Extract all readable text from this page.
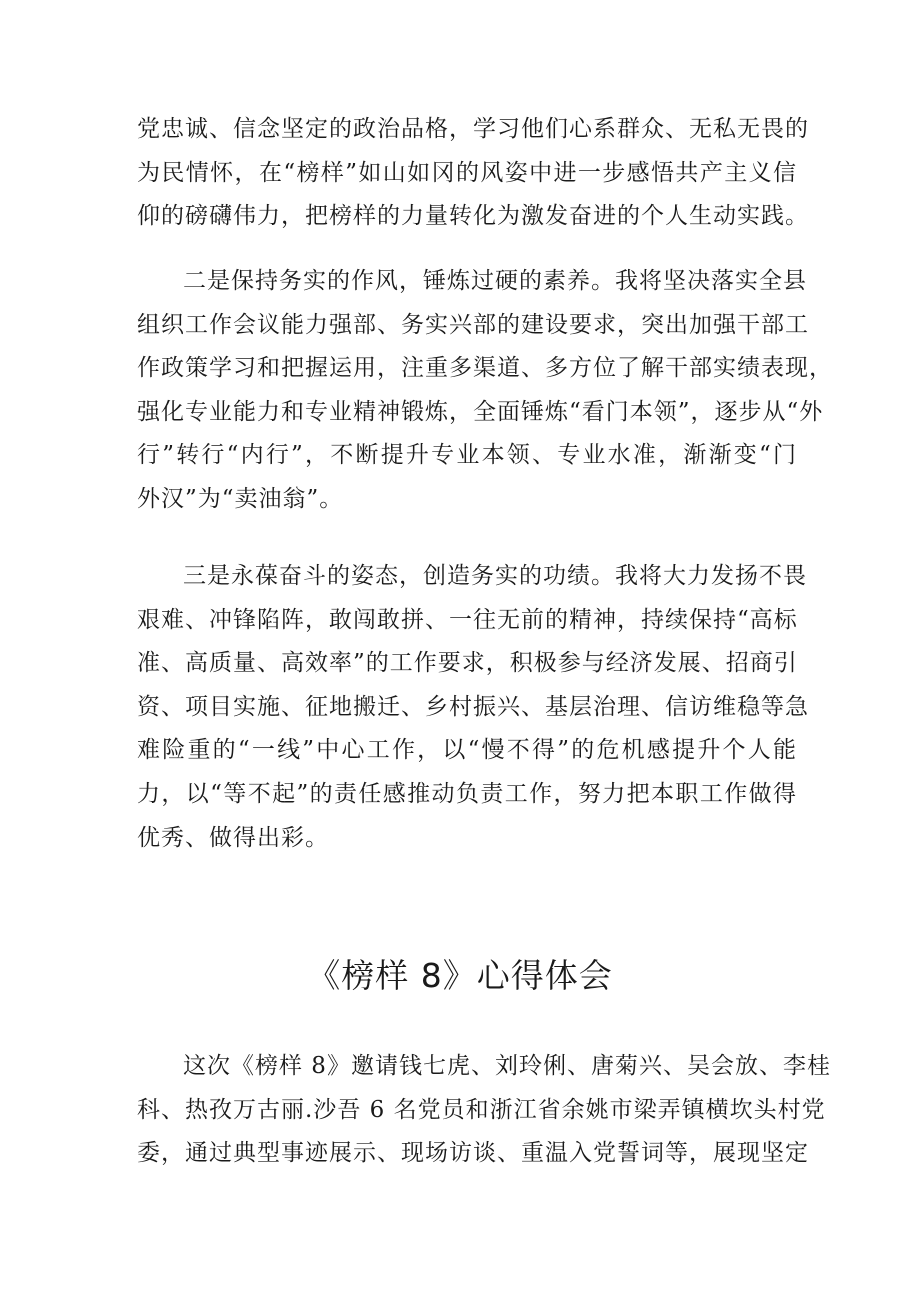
党忠诚、信念坚定的政治品格，学习他们心系群众、无私无畏的
为民情怀，在“榜样”如山如冈的风姿中进一步感悟共产主义信
仰的磅礴伟力，把榜样的力量转化为激发奋进的个人生动实践。
二是保持务实的作风，锤炼过硬的素养。我将坚决落实全县
组织工作会议能力强部、务实兴部的建设要求，突出加强干部工
作政策学习和把握运用，注重多渠道、多方位了解干部实绩表现，
强化专业能力和专业精神锻炼，全面锤炼“看门本领”，逐步从“外
行”转行“内行”，不断提升专业本领、专业水准，渐渐变“门
外汉”为“卖油翁”。
三是永葆奋斗的姿态，创造务实的功绩。我将大力发扬不畏
艰难、冲锋陷阵，敢闯敢拼、一往无前的精神，持续保持“高标
准、高质量、高效率”的工作要求，积极参与经济发展、招商引
资、项目实施、征地搬迁、乡村振兴、基层治理、信访维稳等急
难险重的“一线”中心工作，以“慢不得”的危机感提升个人能
力，以“等不起”的责任感推动负责工作，努力把本职工作做得
优秀、做得出彩。
《榜样 8》心得体会
这次《榜样 8》邀请钱七虎、刘玲俐、唐菊兴、吴会放、李桂
科、热孜万古丽.沙吾 6 名党员和浙江省余姚市梁弄镇横坎头村党
委，通过典型事迹展示、现场访谈、重温入党誓词等，展现坚定
